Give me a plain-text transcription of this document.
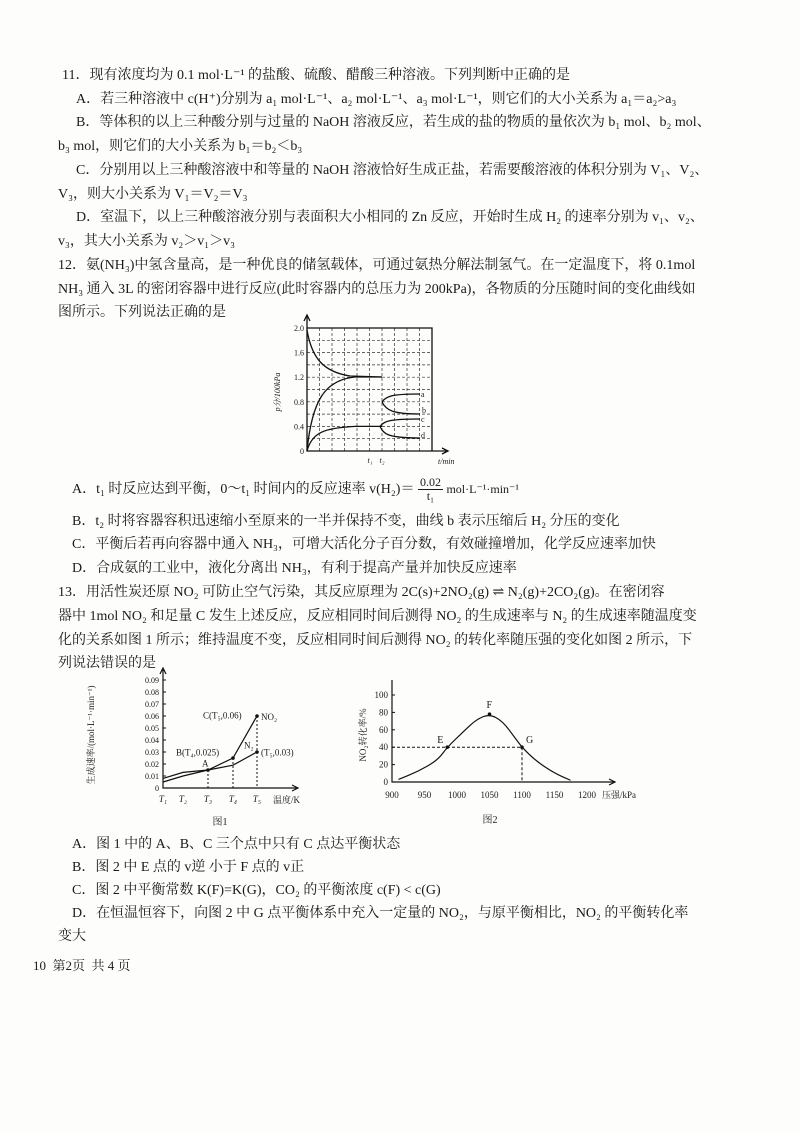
11．现有浓度均为 0.1 mol·L⁻¹ 的盐酸、硫酸、醋酸三种溶液。下列判断中正确的是
A．若三种溶液中 c(H⁺)分别为 a₁ mol·L⁻¹、a₂ mol·L⁻¹、a₃ mol·L⁻¹，则它们的大小关系为 a₁＝a₂>a₃
B．等体积的以上三种酸分别与过量的 NaOH 溶液反应，若生成的盐的物质的量依次为 b₁ mol、b₂ mol、
b₃ mol，则它们的大小关系为 b₁＝b₂＜b₃
C．分别用以上三种酸溶液中和等量的 NaOH 溶液恰好生成正盐，若需要酸溶液的体积分别为 V₁、V₂、
V₃，则大小关系为 V₁＝V₂＝V₃
D．室温下，以上三种酸溶液分别与表面积大小相同的 Zn 反应，开始时生成 H₂ 的速率分别为 v₁、v₂、
v₃，其大小关系为 v₂＞v₁＞v₃
12．氨(NH₃)中氢含量高，是一种优良的储氢载体，可通过氨热分解法制氢气。在一定温度下，将 0.1mol
NH₃ 通入 3L 的密闭容器中进行反应(此时容器内的总压力为 200kPa)，各物质的分压随时间的变化曲线如
图所示。下列说法正确的是
0
0.4
0.8
1.2
1.6
2.0
p分/100kPa
t₁ t₂	t/min
a
b
c
d
A．t₁ 时反应达到平衡，0～t₁ 时间内的反应速率 $v(H_2)= \frac{0.02}{\text{t₁}} mol\cdot L^{-1}\cdot\min^{-1}$
B．t₂ 时将容器容积迅速缩小至原来的一半并保持不变，曲线 b 表示压缩后 H₂ 分压的变化
C．平衡后若再向容器中通入 NH₃，可增大活化分子百分数，有效碰撞增加，化学反应速率加快
D．合成氨的工业中，液化分离出 NH₃，有利于提高产量并加快反应速率
13．用活性炭还原 NO₂ 可防止空气污染，其反应原理为 2C(s)+2NO₂(g) ⇌ N₂(g)+2CO₂(g)。在密闭容
器中 1mol NO₂ 和足量 C 发生上述反应，反应相同时间后测得 NO₂ 的生成速率与 N₂ 的生成速率随温度变
化的关系如图 1 所示；维持温度不变，反应相同时间后测得 NO₂ 的转化率随压强的变化如图 2 所示，下
列说法错误的是
0
0.01
0.02
0.03
0.04
0.05
0.06
0.07
0.08
0.09
T₁ T₂ T₃ T₄ T₅
NO₂
N₂
A
B(T₄,0.025)
C(T₅,0.06)
(T₅,0.03)
生成速率/(mol·L⁻¹·min⁻¹)
温度/K
图1
0
20
40
60
80
100
900 950 1000 1050 1100 1150 1200
E
F
G
NO₂转化率/%
压强/kPa
图2
A．图 1 中的 A、B、C 三个点中只有 C 点达平衡状态
B．图 2 中 E 点的 v逆 小于 F 点的 v正
C．图 2 中平衡常数 K(F)=K(G)，CO₂ 的平衡浓度 c(F) < c(G)
D．在恒温恒容下，向图 2 中 G 点平衡体系中充入一定量的 NO₂，与原平衡相比，NO₂ 的平衡转化率
变大
10 第2页 共 4 页
